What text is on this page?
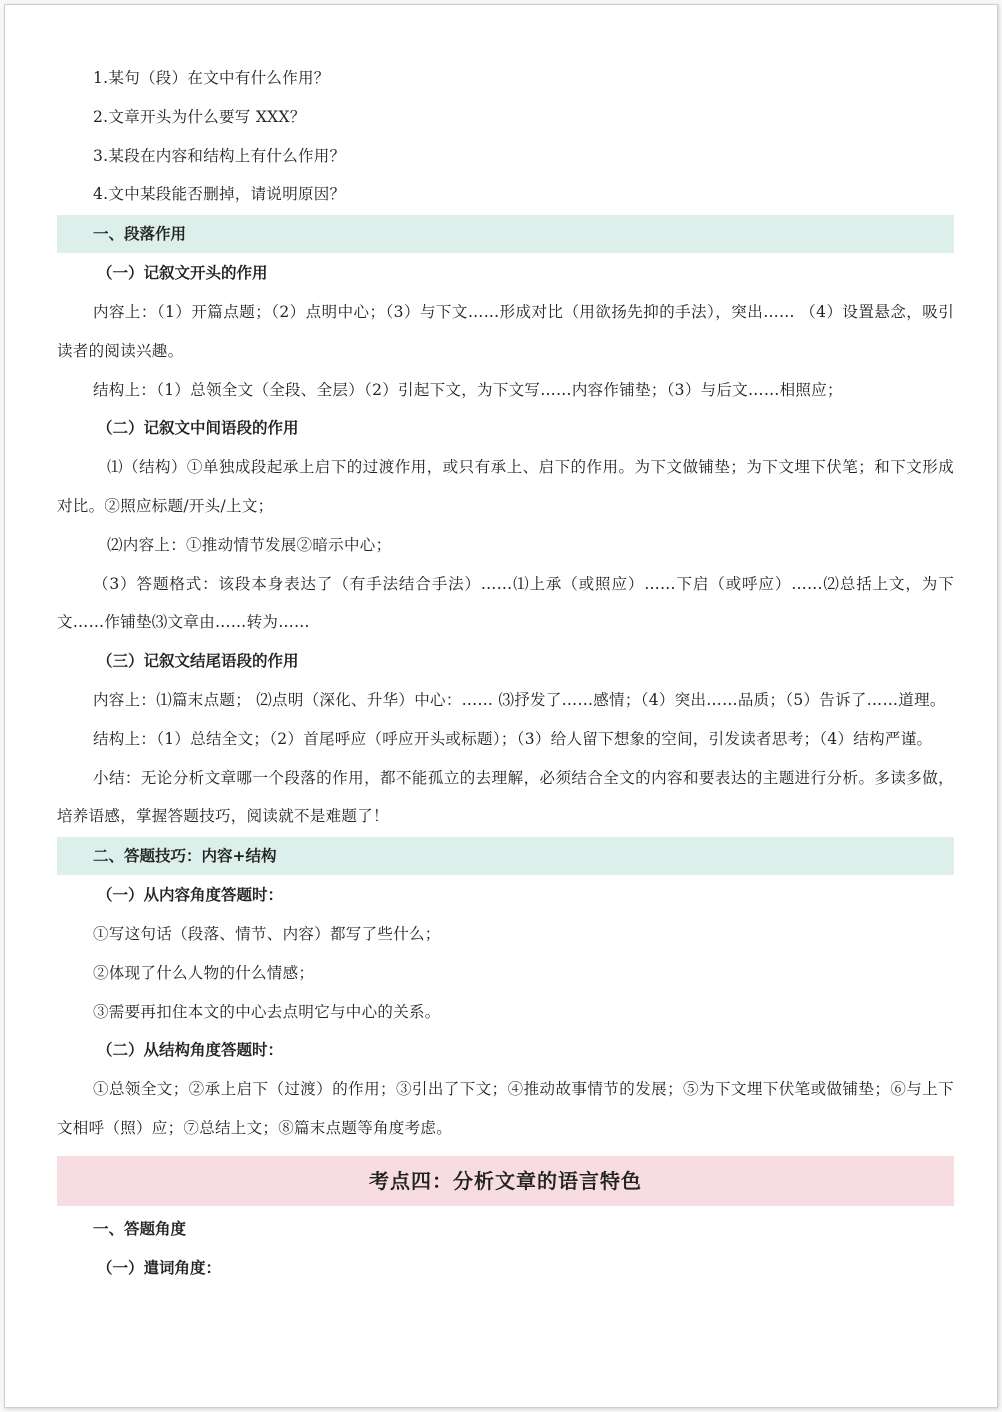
1.某句（段）在文中有什么作用？

2.文章开头为什么要写 XXX？

3.某段在内容和结构上有什么作用？

4.文中某段能否删掉，请说明原因？

一、段落作用

（一）记叙文开头的作用

内容上：（1）开篇点题；（2）点明中心；（3）与下文……形成对比（用欲扬先抑的手法），突出…… （4）设置悬念，吸引读者的阅读兴趣。

结构上：（1）总领全文（全段、全层）（2）引起下文，为下文写……内容作铺垫；（3）与后文……相照应；

（二）记叙文中间语段的作用

⑴（结构）①单独成段起承上启下的过渡作用，或只有承上、启下的作用。为下文做铺垫；为下文埋下伏笔；和下文形成对比。②照应标题/开头/上文；

⑵内容上：①推动情节发展②暗示中心；

（3）答题格式：该段本身表达了（有手法结合手法）……⑴上承（或照应）……下启（或呼应）……⑵总括上文，为下文……作铺垫⑶文章由……转为……

（三）记叙文结尾语段的作用

内容上：⑴篇末点题； ⑵点明（深化、升华）中心：…… ⑶抒发了……感情；（4）突出……品质；（5）告诉了……道理。

结构上：（1）总结全文；（2）首尾呼应（呼应开头或标题）；（3）给人留下想象的空间，引发读者思考；（4）结构严谨。

小结：无论分析文章哪一个段落的作用，都不能孤立的去理解，必须结合全文的内容和要表达的主题进行分析。多读多做，培养语感，掌握答题技巧，阅读就不是难题了！

二、答题技巧：内容+结构

（一）从内容角度答题时：

①写这句话（段落、情节、内容）都写了些什么；

②体现了什么人物的什么情感；

③需要再扣住本文的中心去点明它与中心的关系。

（二）从结构角度答题时：

①总领全文；②承上启下（过渡）的作用；③引出了下文；④推动故事情节的发展；⑤为下文埋下伏笔或做铺垫；⑥与上下文相呼（照）应；⑦总结上文；⑧篇末点题等角度考虑。

考点四：分析文章的语言特色

一、答题角度

（一）遣词角度：
